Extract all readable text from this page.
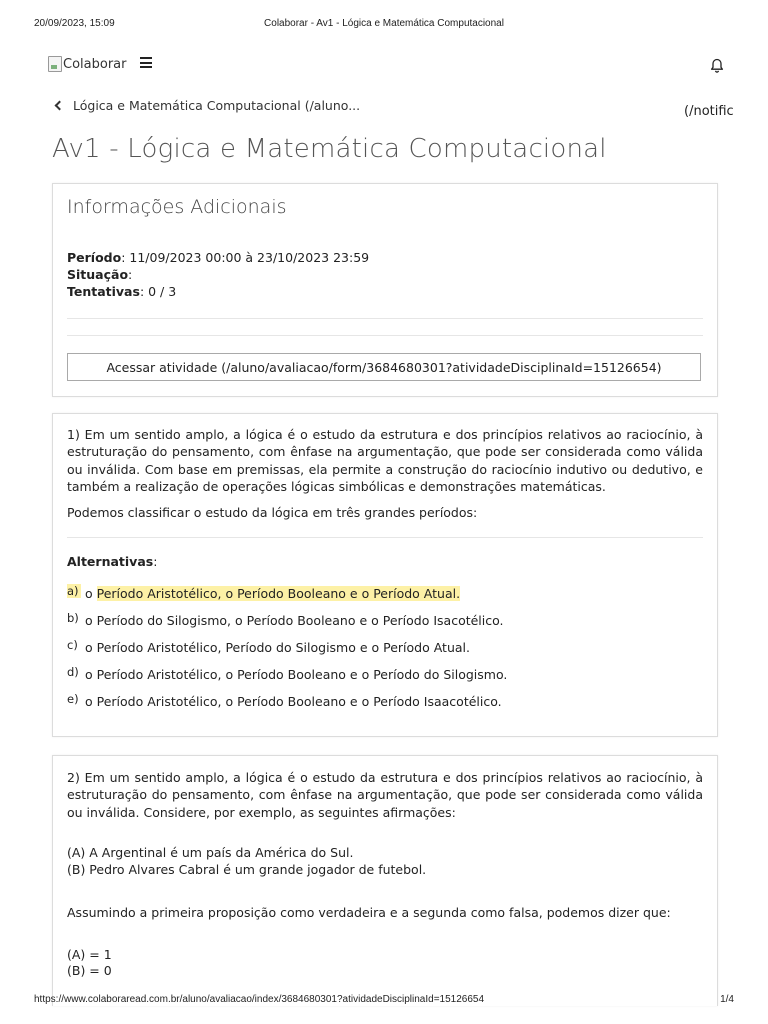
20/09/2023, 15:09	Colaborar - Av1 - Lógica e Matemática Computacional
Colaborar
Lógica e Matemática Computacional (/aluno...	(/notific
Av1 - Lógica e Matemática Computacional
Informações Adicionais
Período: 11/09/2023 00:00 à 23/10/2023 23:59
Situação:
Tentativas: 0 / 3
Acessar atividade (/aluno/avaliacao/form/3684680301?atividadeDisciplinaId=15126654)

1) Em um sentido amplo, a lógica é o estudo da estrutura e dos princípios relativos ao raciocínio, à estruturação do pensamento, com ênfase na argumentação, que pode ser considerada como válida ou inválida. Com base em premissas, ela permite a construção do raciocínio indutivo ou dedutivo, e também a realização de operações lógicas simbólicas e demonstrações matemáticas.

Podemos classificar o estudo da lógica em três grandes períodos:

Alternativas:
a) o Período Aristotélico, o Período Booleano e o Período Atual.
b) o Período do Silogismo, o Período Booleano e o Período Isacotélico.
c) o Período Aristotélico, Período do Silogismo e o Período Atual.
d) o Período Aristotélico, o Período Booleano e o Período do Silogismo.
e) o Período Aristotélico, o Período Booleano e o Período Isaacotélico.

2) Em um sentido amplo, a lógica é o estudo da estrutura e dos princípios relativos ao raciocínio, à estruturação do pensamento, com ênfase na argumentação, que pode ser considerada como válida ou inválida. Considere, por exemplo, as seguintes afirmações:

(A) A Argentinal é um país da América do Sul.
(B) Pedro Alvares Cabral é um grande jogador de futebol.
Assumindo a primeira proposição como verdadeira e a segunda como falsa, podemos dizer que:
(A) = 1
(B) = 0
https://www.colaboraread.com.br/aluno/avaliacao/index/3684680301?atividadeDisciplinaId=15126654	1/4
